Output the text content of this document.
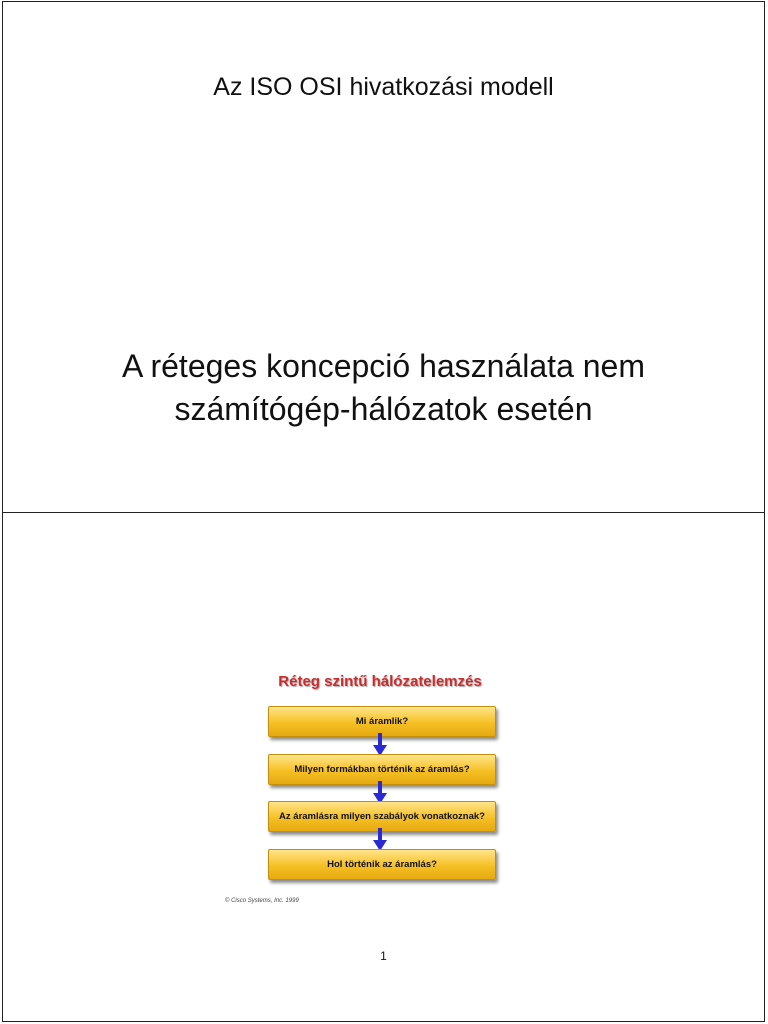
Az ISO OSI hivatkozási modell
A réteges koncepció használata nem
számítógép-hálózatok esetén
Réteg szintű hálózatelemzés
Mi áramlik?
Milyen formákban történik az áramlás?
Az áramlásra milyen szabályok vonatkoznak?
Hol történik az áramlás?
© Cisco Systems, Inc. 1999
1
